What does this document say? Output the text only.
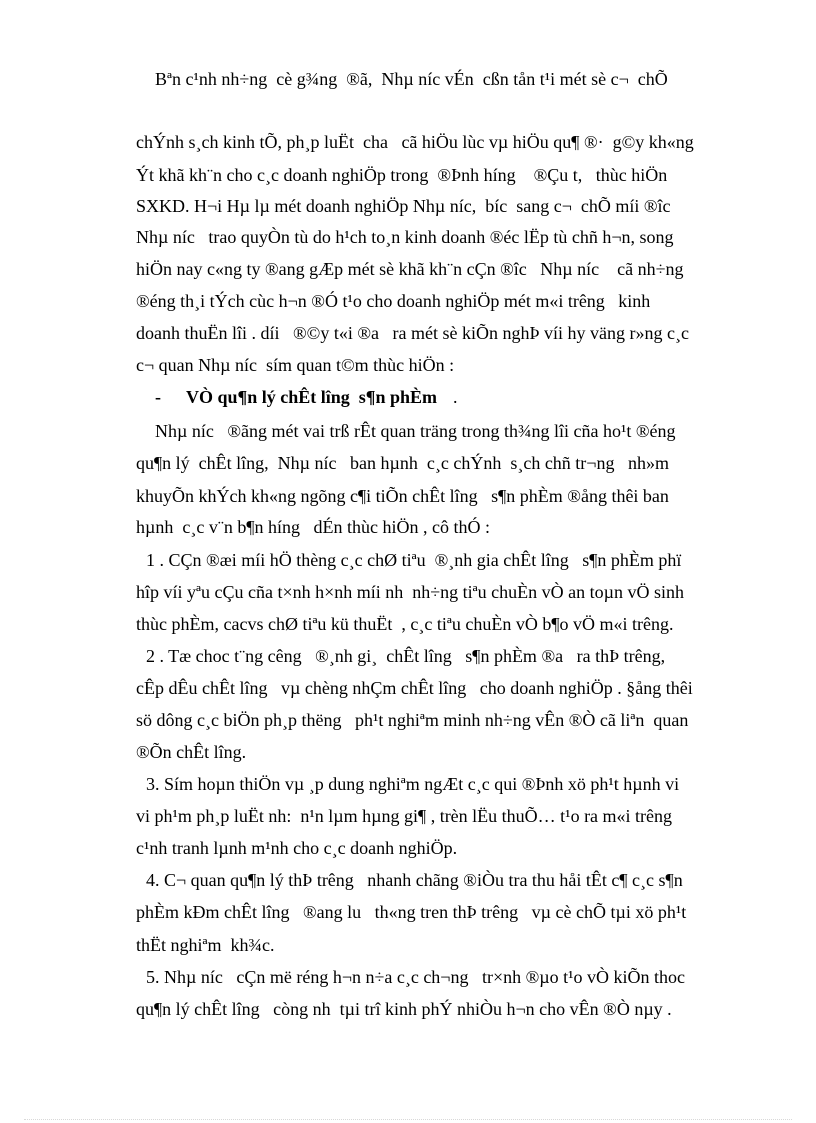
Bªn c¹nh nh÷ng  cè g¾ng  ®ã,  Nhµ níc vÉn  cßn tån t¹i mét sè c¬  chÕ
chÝnh s¸ch kinh tÕ, ph¸p luËt  cha   cã hiÖu lùc vµ hiÖu qu¶ ®·  g©y kh«ng
Ýt khã kh¨n cho c¸c doanh nghiÖp trong  ®Þnh híng    ®Çu t,   thùc hiÖn
SXKD. H¬i Hµ lµ mét doanh nghiÖp Nhµ níc,  bíc  sang c¬  chÕ míi ®îc
Nhµ níc   trao quyÒn tù do h¹ch to¸n kinh doanh ®éc lËp tù chñ h¬n, song
hiÖn nay c«ng ty ®ang gÆp mét sè khã kh¨n cÇn ®îc   Nhµ níc    cã nh÷ng
®éng th¸i tÝch cùc h¬n ®Ó t¹o cho doanh nghiÖp mét m«i trêng   kinh
doanh thuËn lîi . díi   ®©y t«i ®a   ra mét sè kiÕn nghÞ víi hy väng r»ng c¸c
c¬ quan Nhµ níc  sím quan t©m thùc hiÖn :
- VÒ qu¶n lý chÊt lîng  s¶n phÈm .
Nhµ níc   ®ãng mét vai trß rÊt quan träng trong th¾ng lîi cña ho¹t ®éng
qu¶n lý  chÊt lîng,  Nhµ níc   ban hµnh  c¸c chÝnh  s¸ch chñ tr¬ng   nh»m
khuyÕn khÝch kh«ng ngõng c¶i tiÕn chÊt lîng   s¶n phÈm ®ång thêi ban
hµnh  c¸c v¨n b¶n híng   dÉn thùc hiÖn , cô thÓ :
1 . CÇn ®æi míi hÖ thèng c¸c chØ tiªu  ®¸nh gia chÊt lîng   s¶n phÈm phï
hîp víi yªu cÇu cña t×nh h×nh míi nh  nh÷ng tiªu chuÈn vÒ an toµn vÖ sinh
thùc phÈm, cacvs chØ tiªu kü thuËt  , c¸c tiªu chuÈn vÒ b¶o vÖ m«i trêng.
2 . Tæ choc t¨ng cêng   ®¸nh gi¸  chÊt lîng   s¶n phÈm ®a   ra thÞ trêng,
cÊp dÊu chÊt lîng   vµ chèng nhÇm chÊt lîng   cho doanh nghiÖp . §ång thêi
sö dông c¸c biÖn ph¸p thëng   ph¹t nghiªm minh nh÷ng vÊn ®Ò cã liªn  quan
®Õn chÊt lîng.
3. Sím hoµn thiÖn vµ ¸p dung nghiªm ngÆt c¸c qui ®Þnh xö ph¹t hµnh vi
vi ph¹m ph¸p luËt nh:  n¹n lµm hµng gi¶ , trèn lËu thuÕ… t¹o ra m«i trêng
c¹nh tranh lµnh m¹nh cho c¸c doanh nghiÖp.
4. C¬ quan qu¶n lý thÞ trêng   nhanh chãng ®iÒu tra thu håi tÊt c¶ c¸c s¶n
phÈm kÐm chÊt lîng   ®ang lu   th«ng tren thÞ trêng   vµ cè chÕ tµi xö ph¹t
thËt nghiªm  kh¾c.
5. Nhµ níc   cÇn më réng h¬n n÷a c¸c ch¬ng   tr×nh ®µo t¹o vÒ kiÕn thoc
qu¶n lý chÊt lîng   còng nh  tµi trî kinh phÝ nhiÒu h¬n cho vÊn ®Ò nµy .
